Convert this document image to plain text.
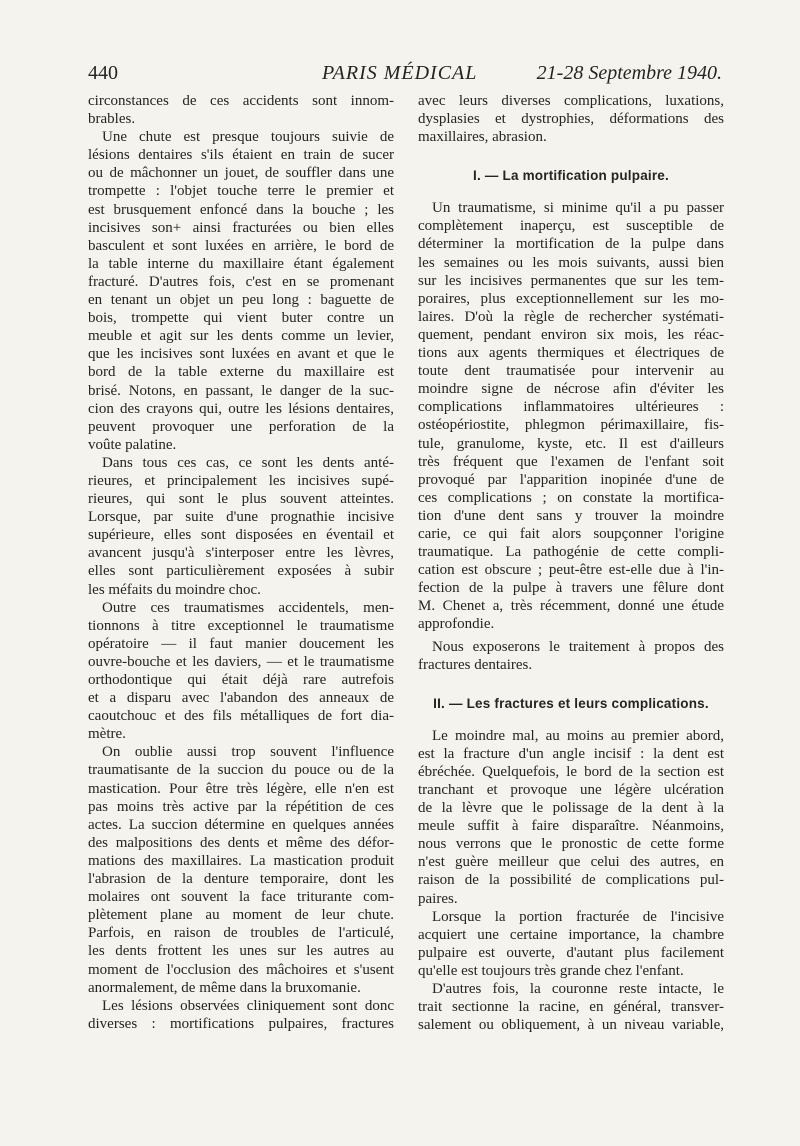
440	PARIS MÉDICAL	21-28 Septembre 1940.
circonstances de ces accidents sont innom-
brables.
Une chute est presque toujours suivie de
lésions dentaires s'ils étaient en train de sucer
ou de mâchonner un jouet, de souffler dans une
trompette : l'objet touche terre le premier et
est brusquement enfoncé dans la bouche ; les
incisives son+ ainsi fracturées ou bien elles
basculent et sont luxées en arrière, le bord de
la table interne du maxillaire étant également
fracturé. D'autres fois, c'est en se promenant
en tenant un objet un peu long : baguette de
bois, trompette qui vient buter contre un
meuble et agit sur les dents comme un levier,
que les incisives sont luxées en avant et que le
bord de la table externe du maxillaire est
brisé. Notons, en passant, le danger de la suc-
cion des crayons qui, outre les lésions dentaires,
peuvent provoquer une perforation de la
voûte palatine.
Dans tous ces cas, ce sont les dents anté-
rieures, et principalement les incisives supé-
rieures, qui sont le plus souvent atteintes.
Lorsque, par suite d'une prognathie incisive
supérieure, elles sont disposées en éventail et
avancent jusqu'à s'interposer entre les lèvres,
elles sont particulièrement exposées à subir
les méfaits du moindre choc.
Outre ces traumatismes accidentels, men-
tionnons à titre exceptionnel le traumatisme
opératoire — il faut manier doucement les
ouvre-bouche et les daviers, — et le traumatisme
orthodontique qui était déjà rare autrefois
et a disparu avec l'abandon des anneaux de
caoutchouc et des fils métalliques de fort dia-
mètre.
On oublie aussi trop souvent l'influence
traumatisante de la succion du pouce ou de la
mastication. Pour être très légère, elle n'en est
pas moins très active par la répétition de ces
actes. La succion détermine en quelques années
des malpositions des dents et même des défor-
mations des maxillaires. La mastication produit
l'abrasion de la denture temporaire, dont les
molaires ont souvent la face triturante com-
plètement plane au moment de leur chute.
Parfois, en raison de troubles de l'articulé,
les dents frottent les unes sur les autres au
moment de l'occlusion des mâchoires et s'usent
anormalement, de même dans la bruxomanie.
Les lésions observées cliniquement sont donc
diverses : mortifications pulpaires, fractures
avec leurs diverses complications, luxations,
dysplasies et dystrophies, déformations des
maxillaires, abrasion.
I. — La mortification pulpaire.
Un traumatisme, si minime qu'il a pu passer
complètement inaperçu, est susceptible de
déterminer la mortification de la pulpe dans
les semaines ou les mois suivants, aussi bien
sur les incisives permanentes que sur les tem-
poraires, plus exceptionnellement sur les mo-
laires. D'où la règle de rechercher systémati-
quement, pendant environ six mois, les réac-
tions aux agents thermiques et électriques de
toute dent traumatisée pour intervenir au
moindre signe de nécrose afin d'éviter les
complications inflammatoires ultérieures :
ostéopériostite, phlegmon périmaxillaire, fis-
tule, granulome, kyste, etc. Il est d'ailleurs
très fréquent que l'examen de l'enfant soit
provoqué par l'apparition inopinée d'une de
ces complications ; on constate la mortifica-
tion d'une dent sans y trouver la moindre
carie, ce qui fait alors soupçonner l'origine
traumatique. La pathogénie de cette compli-
cation est obscure ; peut-être est-elle due à l'in-
fection de la pulpe à travers une fêlure dont
M. Chenet a, très récemment, donné une étude
approfondie.
Nous exposerons le traitement à propos des
fractures dentaires.
II. — Les fractures et leurs complications.
Le moindre mal, au moins au premier abord,
est la fracture d'un angle incisif : la dent est
ébréchée. Quelquefois, le bord de la section est
tranchant et provoque une légère ulcération
de la lèvre que le polissage de la dent à la
meule suffit à faire disparaître. Néanmoins,
nous verrons que le pronostic de cette forme
n'est guère meilleur que celui des autres, en
raison de la possibilité de complications pul-
paires.
Lorsque la portion fracturée de l'incisive
acquiert une certaine importance, la chambre
pulpaire est ouverte, d'autant plus facilement
qu'elle est toujours très grande chez l'enfant.
D'autres fois, la couronne reste intacte, le
trait sectionne la racine, en général, transver-
salement ou obliquement, à un niveau variable,
